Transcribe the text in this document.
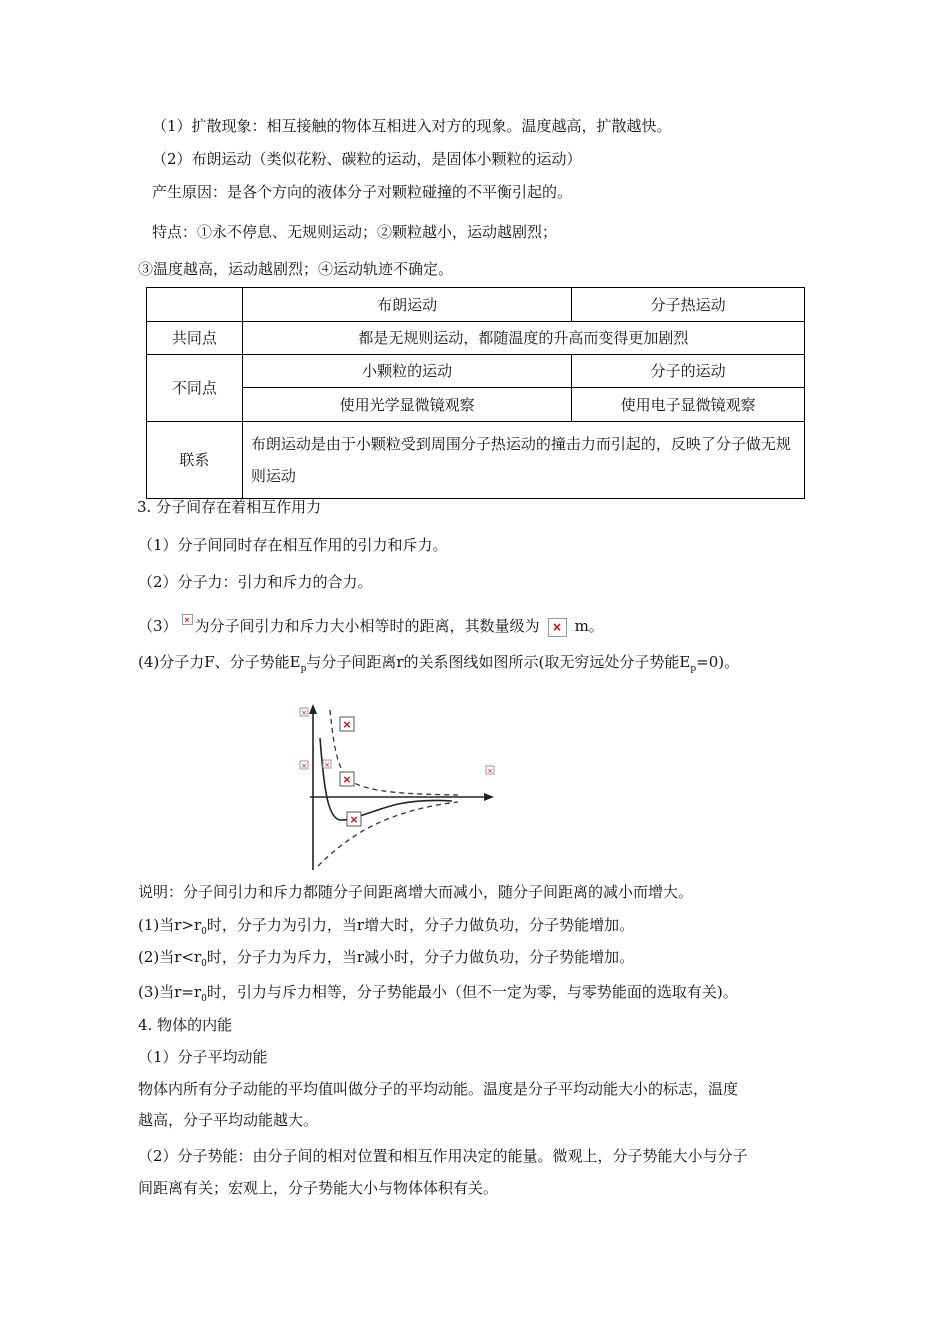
（1）扩散现象：相互接触的物体互相进入对方的现象。温度越高，扩散越快。
（2）布朗运动（类似花粉、碳粒的运动，是固体小颗粒的运动）
产生原因：是各个方向的液体分子对颗粒碰撞的不平衡引起的。
特点：①永不停息、无规则运动；②颗粒越小，运动越剧烈；
③温度越高，运动越剧烈；④运动轨迹不确定。
	布朗运动	分子热运动
共同点	都是无规则运动，都随温度的升高而变得更加剧烈	
不同点	小颗粒的运动	分子的运动
	使用光学显微镜观察	使用电子显微镜观察
联系	布朗运动是由于小颗粒受到周围分子热运动的撞击力而引起的，反映了分子做无规则运动	
3. 分子间存在着相互作用力
（1）分子间同时存在相互作用的引力和斥力。
（2）分子力：引力和斥力的合力。
（3） × 为分子间引力和斥力大小相等时的距离，其数量级为 × m。
(4)分子力F、分子势能$E_p$与分子间距离r的关系图线如图所示(取无穷远处分子势能$E_p=0$)。
×
×
× ×
×
×
×
说明：分子间引力和斥力都随分子间距离增大而减小，随分子间距离的减小而增大。
(1)当$r>r_0$时，分子力为引力，当r增大时，分子力做负功，分子势能增加。
(2)当$r<r_0$时，分子力为斥力，当r减小时，分子力做负功，分子势能增加。
(3)当$r=r_0$时，引力与斥力相等，分子势能最小（但不一定为零，与零势能面的选取有关)。
4. 物体的内能
（1）分子平均动能
物体内所有分子动能的平均值叫做分子的平均动能。温度是分子平均动能大小的标志，温度
越高，分子平均动能越大。
（2）分子势能：由分子间的相对位置和相互作用决定的能量。微观上，分子势能大小与分子
间距离有关；宏观上，分子势能大小与物体体积有关。
